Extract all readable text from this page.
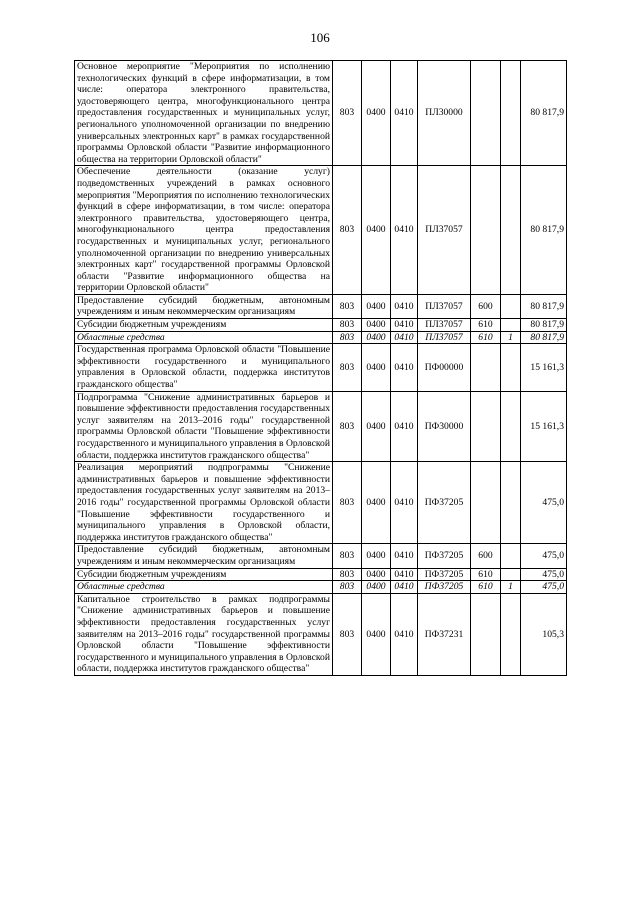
106
Основное мероприятие "Мероприятия по исполнению технологических функций в сфере информатизации, в том числе: оператора электронного правительства, удостоверяющего центра, многофункционального центра предоставления государственных и муниципальных услуг, регионального уполномоченной организации по внедрению универсальных электронных карт" в рамках государственной программы Орловской области "Развитие информационного общества на территории Орловской области"	803	0400	0410	ПЛ30000			80 817,9
Обеспечение деятельности (оказание услуг) подведомственных учреждений в рамках основного мероприятия "Мероприятия по исполнению технологических функций в сфере информатизации, в том числе: оператора электронного правительства, удостоверяющего центра, многофункционального центра предоставления государственных и муниципальных услуг, регионального уполномоченной организации по внедрению универсальных электронных карт" государственной программы Орловской области "Развитие информационного общества на территории Орловской области"	803	0400	0410	ПЛ37057			80 817,9
Предоставление субсидий бюджетным, автономным учреждениям и иным некоммерческим организациям	803	0400	0410	ПЛ37057	600		80 817,9
Субсидии бюджетным учреждениям	803	0400	0410	ПЛ37057	610		80 817,9
Областные средства	803	0400	0410	ПЛ37057	610	1	80 817,9
Государственная программа Орловской области "Повышение эффективности государственного и муниципального управления в Орловской области, поддержка институтов гражданского общества"	803	0400	0410	ПФ00000			15 161,3
Подпрограмма "Снижение административных барьеров и повышение эффективности предоставления государственных услуг заявителям на 2013–2016 годы" государственной программы Орловской области "Повышение эффективности государственного и муниципального управления в Орловской области, поддержка институтов гражданского общества"	803	0400	0410	ПФ30000			15 161,3
Реализация мероприятий подпрограммы "Снижение административных барьеров и повышение эффективности предоставления государственных услуг заявителям на 2013–2016 годы" государственной программы Орловской области "Повышение эффективности государственного и муниципального управления в Орловской области, поддержка институтов гражданского общества"	803	0400	0410	ПФ37205			475,0
Предоставление субсидий бюджетным, автономным учреждениям и иным некоммерческим организациям	803	0400	0410	ПФ37205	600		475,0
Субсидии бюджетным учреждениям	803	0400	0410	ПФ37205	610		475,0
Областные средства	803	0400	0410	ПФ37205	610	1	475,0
Капитальное строительство в рамках подпрограммы "Снижение административных барьеров и повышение эффективности предоставления государственных услуг заявителям на 2013–2016 годы" государственной программы Орловской области "Повышение эффективности государственного и муниципального управления в Орловской области, поддержка институтов гражданского общества"	803	0400	0410	ПФ37231			105,3
